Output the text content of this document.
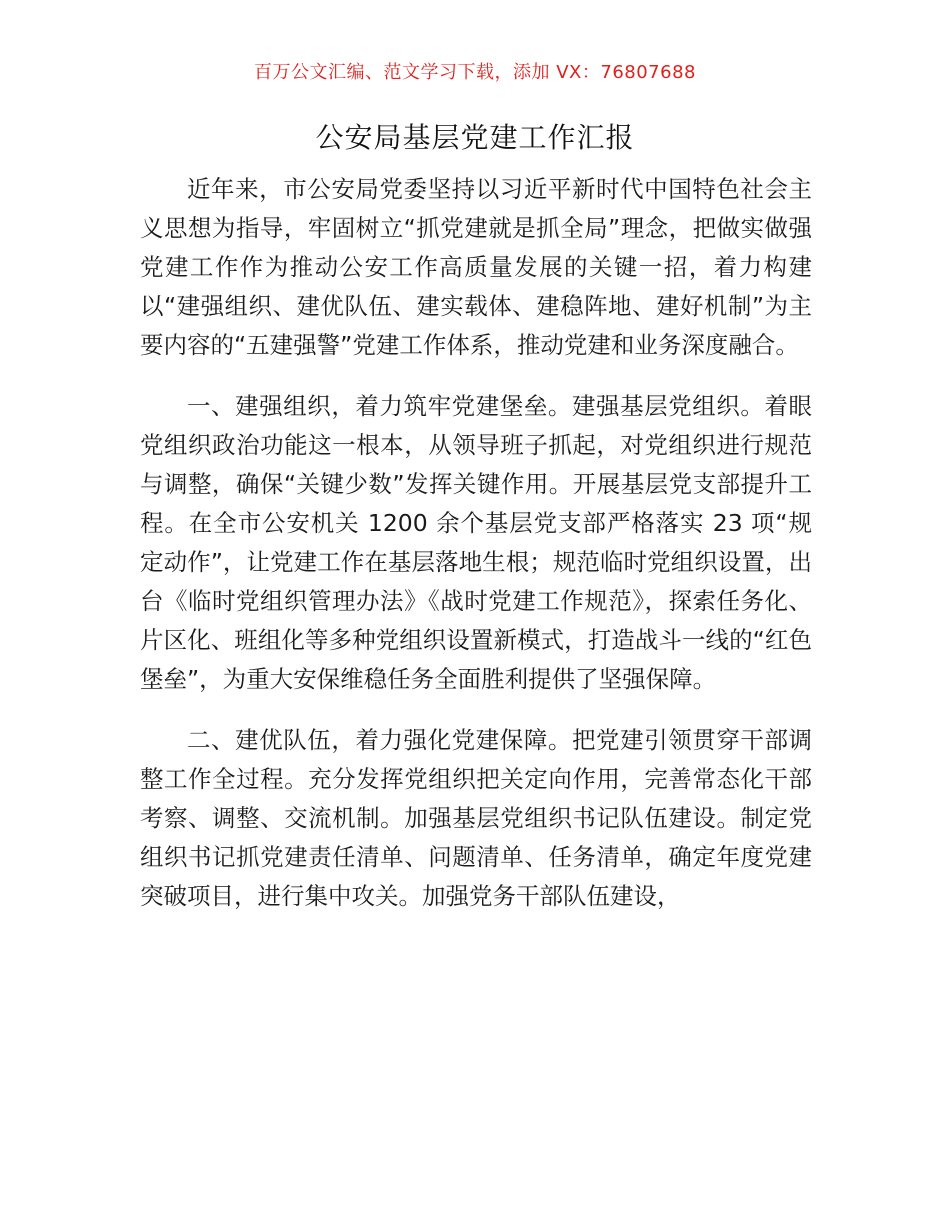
百万公文汇编、范文学习下载，添加 VX：76807688
公安局基层党建工作汇报

近年来，市公安局党委坚持以习近平新时代中国特色社会主义思想为指导，牢固树立“抓党建就是抓全局”理念，把做实做强党建工作作为推动公安工作高质量发展的关键一招，着力构建以“建强组织、建优队伍、建实载体、建稳阵地、建好机制”为主要内容的“五建强警”党建工作体系，推动党建和业务深度融合。

一、建强组织，着力筑牢党建堡垒。建强基层党组织。着眼党组织政治功能这一根本，从领导班子抓起，对党组织进行规范与调整，确保“关键少数”发挥关键作用。开展基层党支部提升工程。在全市公安机关 1200 余个基层党支部严格落实 23 项“规定动作”，让党建工作在基层落地生根；规范临时党组织设置，出台《临时党组织管理办法》《战时党建工作规范》，探索任务化、片区化、班组化等多种党组织设置新模式，打造战斗一线的“红色堡垒”，为重大安保维稳任务全面胜利提供了坚强保障。

二、建优队伍，着力强化党建保障。把党建引领贯穿干部调整工作全过程。充分发挥党组织把关定向作用，完善常态化干部考察、调整、交流机制。加强基层党组织书记队伍建设。制定党组织书记抓党建责任清单、问题清单、任务清单，确定年度党建突破项目，进行集中攻关。加强党务干部队伍建设，
